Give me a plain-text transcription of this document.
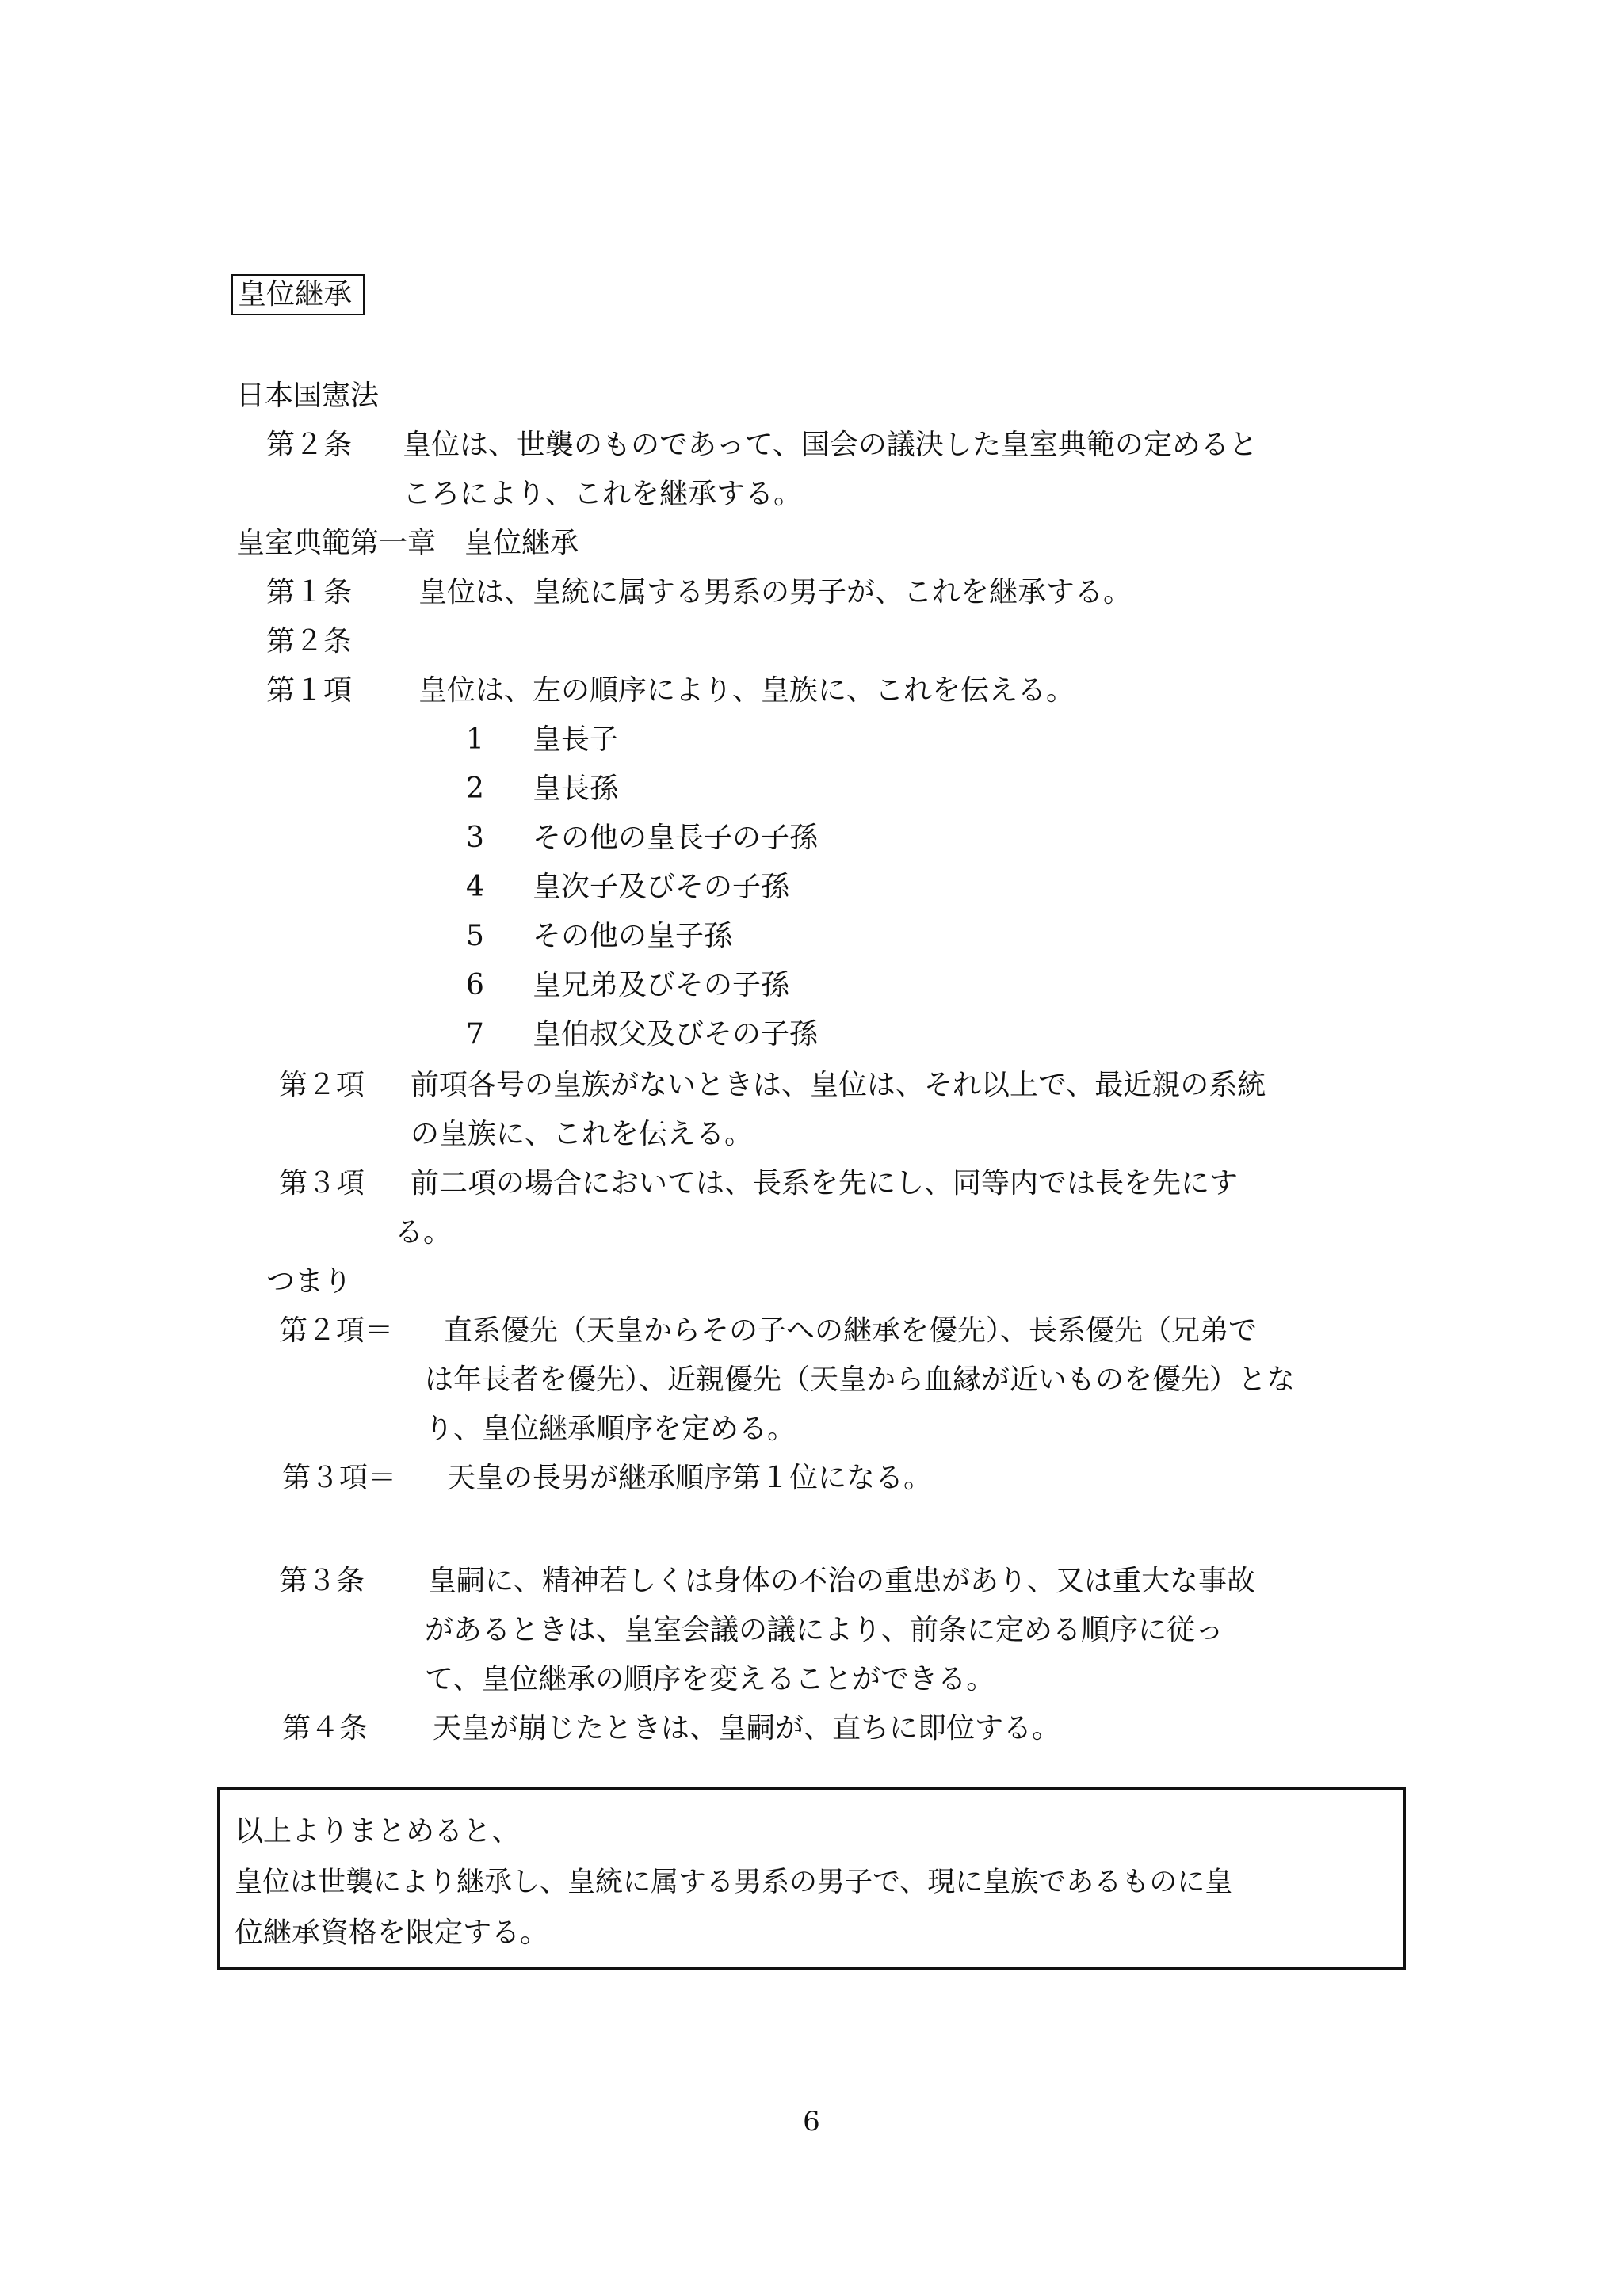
皇位継承
日本国憲法
第２条 皇位は、世襲のものであって、国会の議決した皇室典範の定めると
ころにより、これを継承する。
皇室典範第一章　皇位継承
第１条 皇位は、皇統に属する男系の男子が、これを継承する。
第２条
第１項 皇位は、左の順序により、皇族に、これを伝える。
1 皇長子
2 皇長孫
3 その他の皇長子の子孫
4 皇次子及びその子孫
5 その他の皇子孫
6 皇兄弟及びその子孫
7 皇伯叔父及びその子孫
第２項 前項各号の皇族がないときは、皇位は、それ以上で、最近親の系統
の皇族に、これを伝える。
第３項 前二項の場合においては、長系を先にし、同等内では長を先にす
る。
つまり
第２項＝ 直系優先（天皇からその子への継承を優先）、長系優先（兄弟で
は年長者を優先）、近親優先（天皇から血縁が近いものを優先）とな
り、皇位継承順序を定める。
第３項＝ 天皇の長男が継承順序第１位になる。
第３条 皇嗣に、精神若しくは身体の不治の重患があり、又は重大な事故
があるときは、皇室会議の議により、前条に定める順序に従っ
て、皇位継承の順序を変えることができる。
第４条 天皇が崩じたときは、皇嗣が、直ちに即位する。
以上よりまとめると、
皇位は世襲により継承し、皇統に属する男系の男子で、現に皇族であるものに皇
位継承資格を限定する。
6
